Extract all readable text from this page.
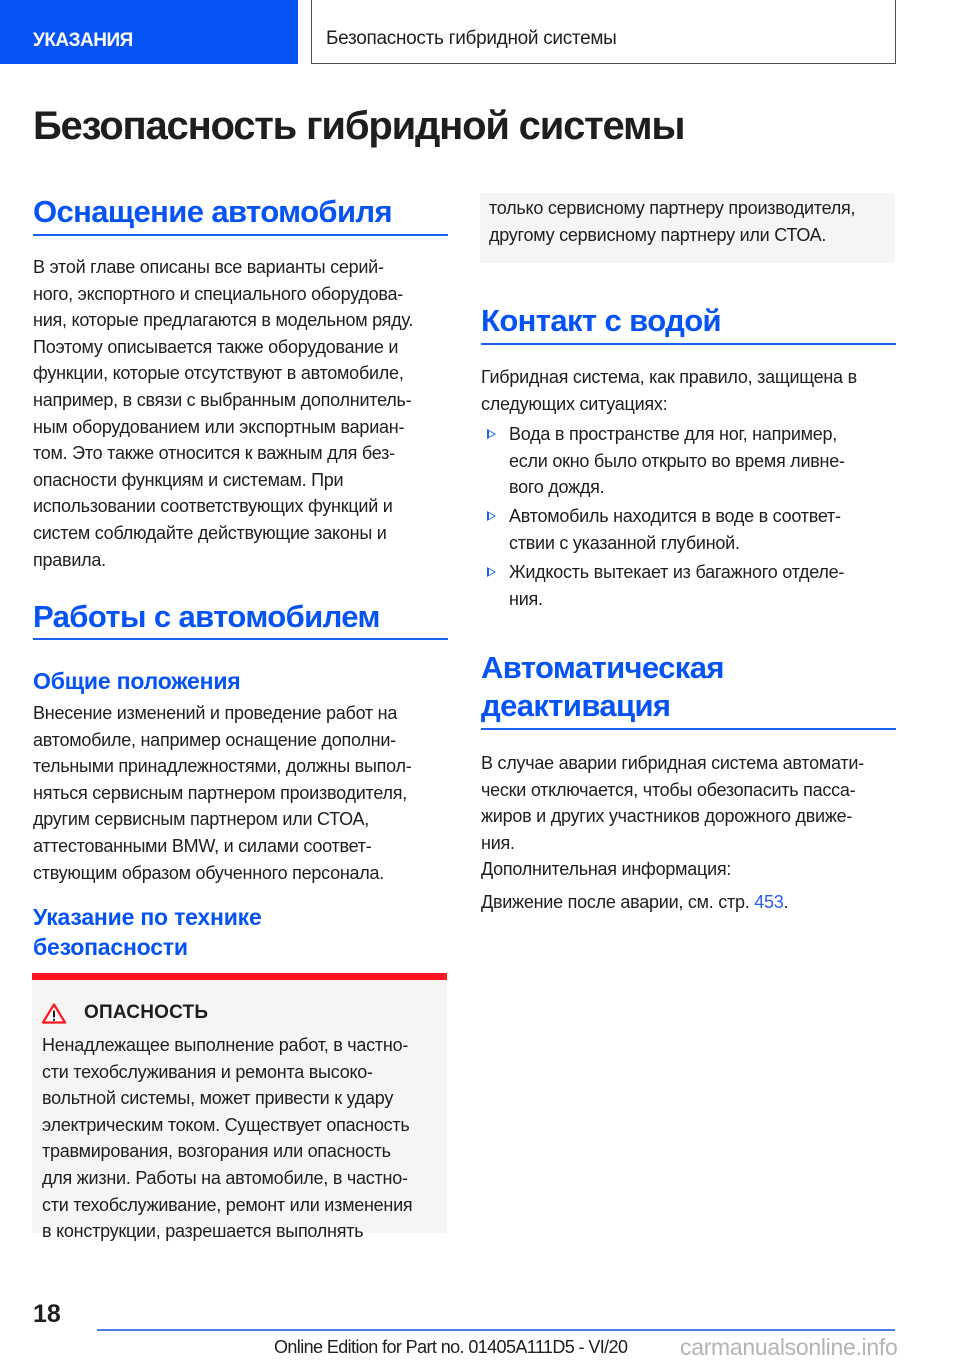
УКАЗАНИЯ	Безопасность гибридной системы
Безопасность гибридной системы
Оснащение автомобиля
В этой главе описаны все варианты серий-
ного, экспортного и специального оборудова-
ния, которые предлагаются в модельном ряду.
Поэтому описывается также оборудование и
функции, которые отсутствуют в автомобиле,
например, в связи с выбранным дополнитель-
ным оборудованием или экспортным вариан-
том. Это также относится к важным для без-
опасности функциям и системам. При
использовании соответствующих функций и
систем соблюдайте действующие законы и
правила.
Работы с автомобилем
Общие положения
Внесение изменений и проведение работ на
автомобиле, например оснащение дополни-
тельными принадлежностями, должны выпол-
няться сервисным партнером производителя,
другим сервисным партнером или СТОА,
аттестованными BMW, и силами соответ-
ствующим образом обученного персонала.
Указание по технике
безопасности
ОПАСНОСТЬ
Ненадлежащее выполнение работ, в частно-
сти техобслуживания и ремонта высоко-
вольтной системы, может привести к удару
электрическим током. Существует опасность
травмирования, возгорания или опасность
для жизни. Работы на автомобиле, в частно-
сти техобслуживание, ремонт или изменения
в конструкции, разрешается выполнять
только сервисному партнеру производителя,
другому сервисному партнеру или СТОА.
Контакт с водой
Гибридная система, как правило, защищена в
следующих ситуациях:
Вода в пространстве для ног, например,
если окно было открыто во время ливне-
вого дождя.
Автомобиль находится в воде в соответ-
ствии с указанной глубиной.
Жидкость вытекает из багажного отделе-
ния.
Автоматическая
деактивация
В случае аварии гибридная система автомати-
чески отключается, чтобы обезопасить пасса-
жиров и других участников дорожного движе-
ния.
Дополнительная информация:
Движение после аварии, см. стр. 453.
18
Online Edition for Part no. 01405A111D5 - VI/20 carmanualsonline.info
